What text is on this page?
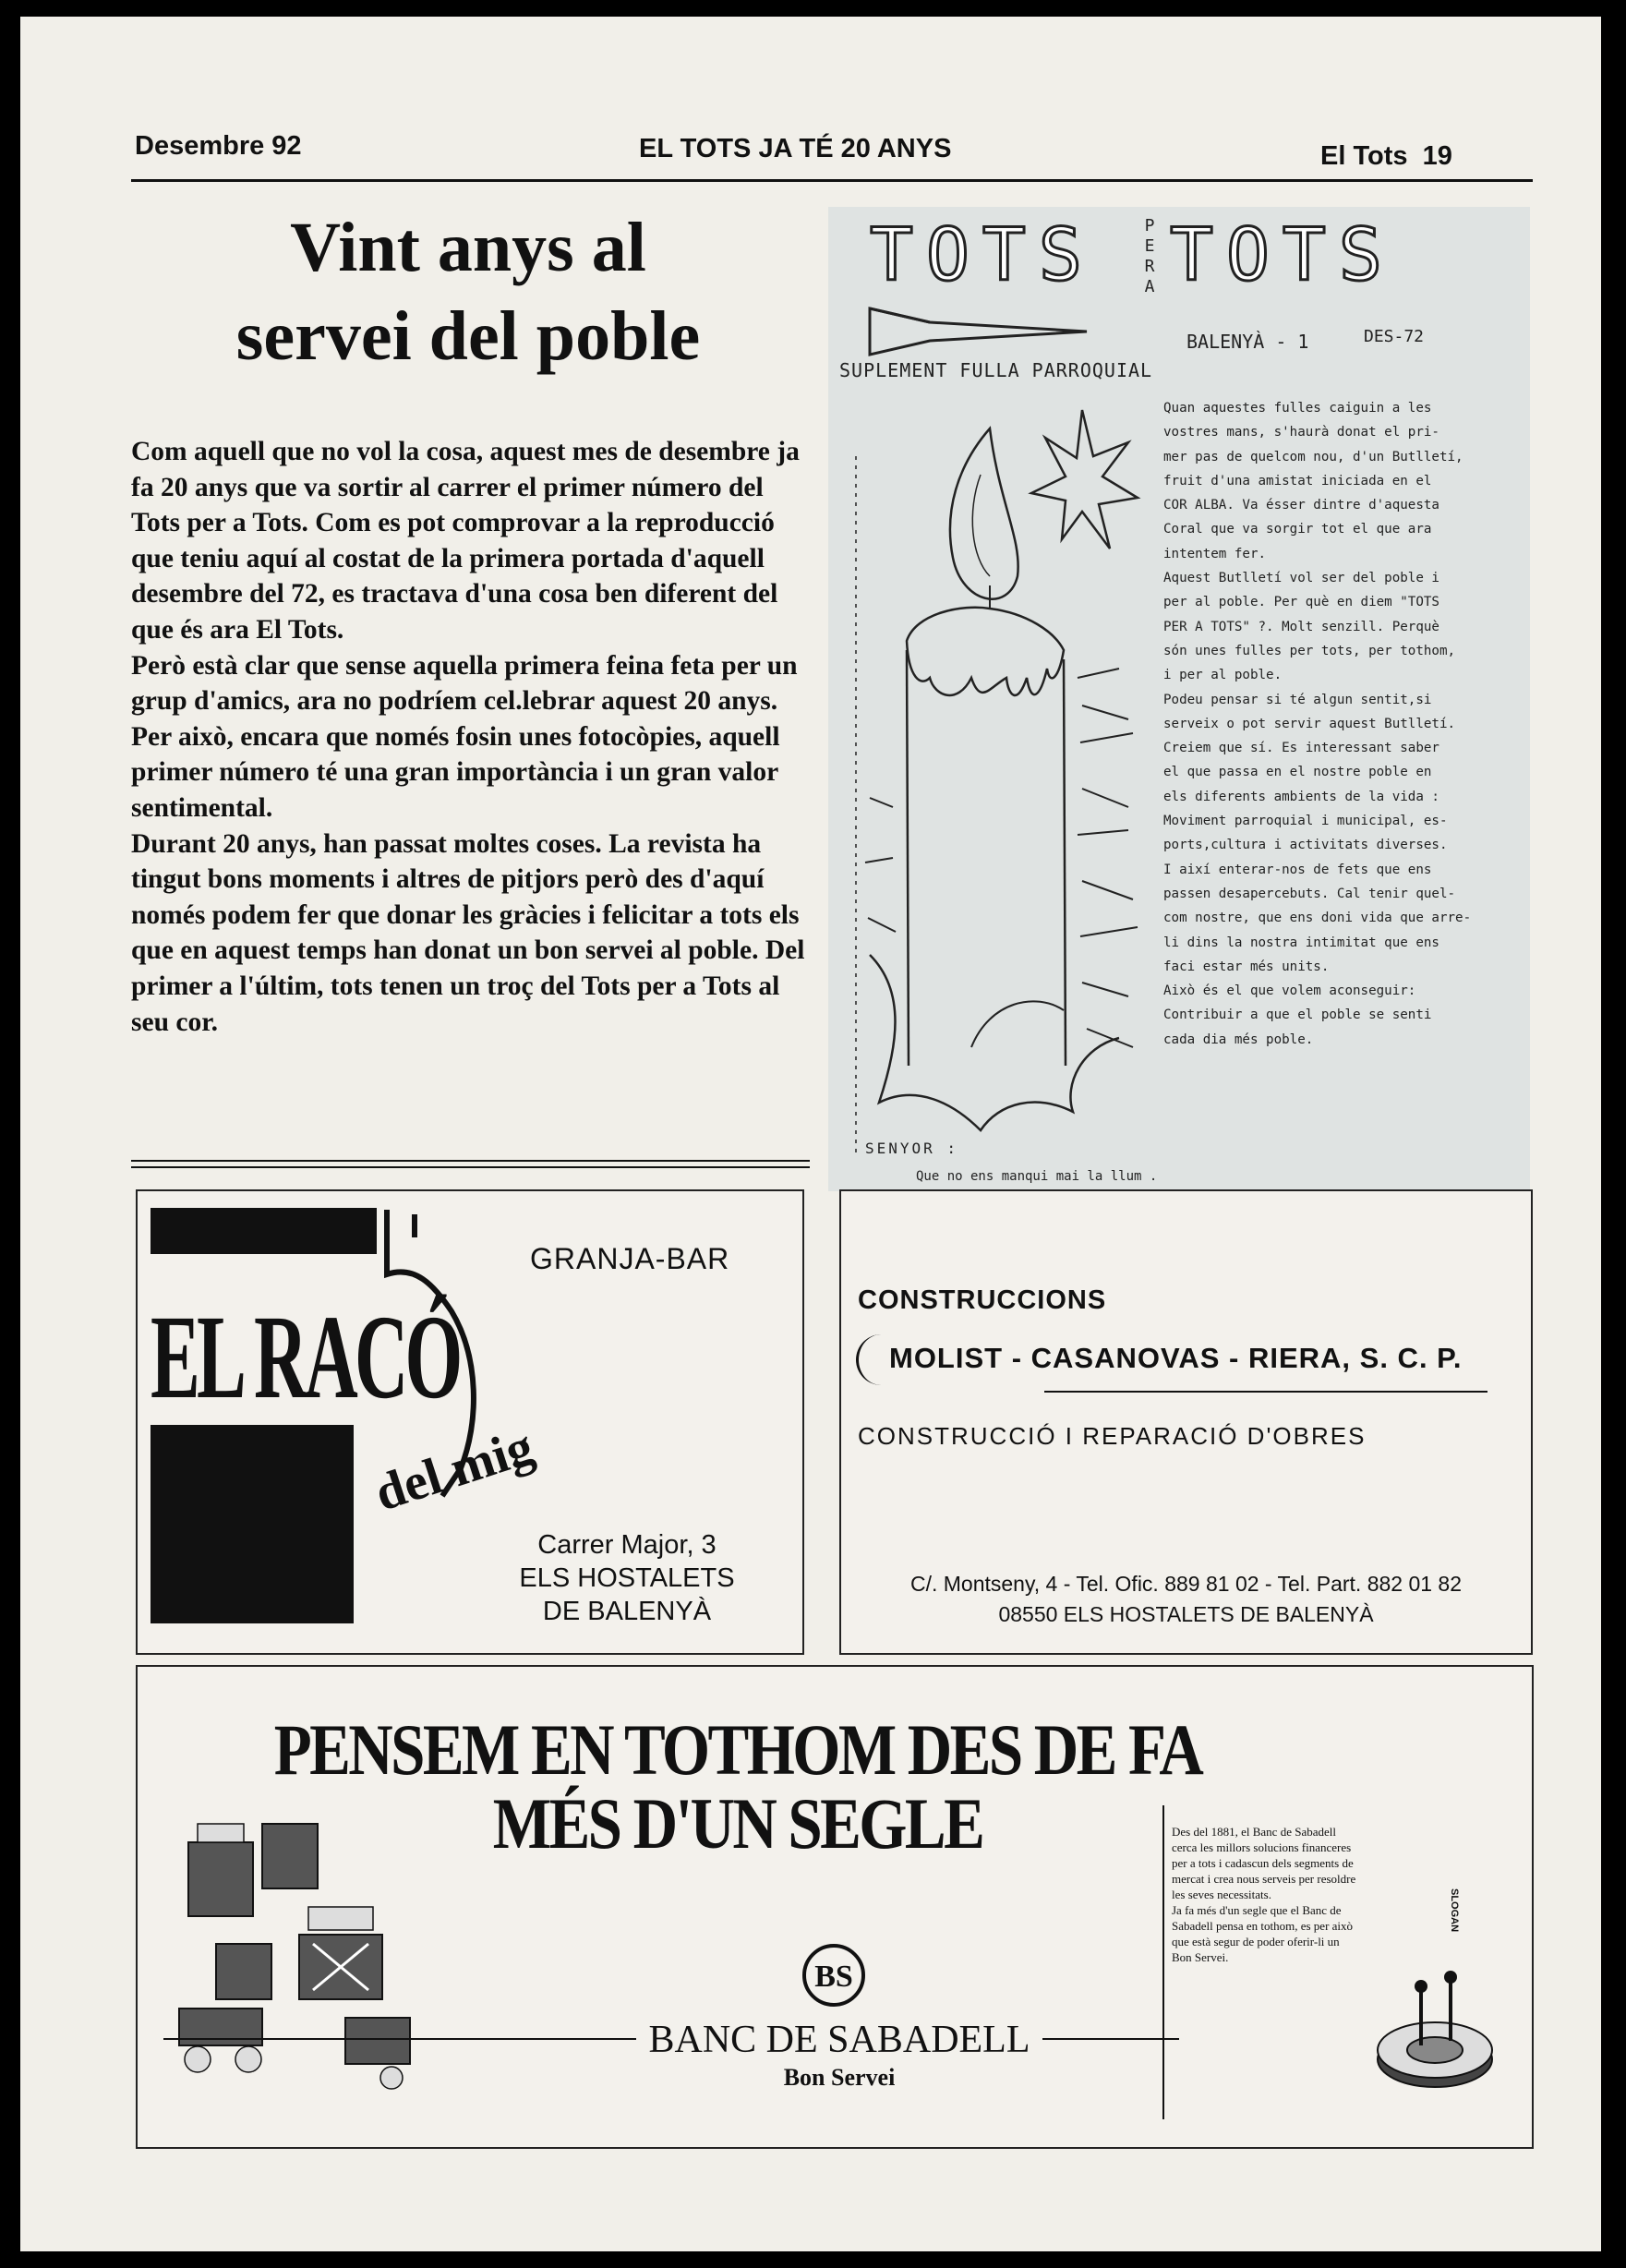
Desembre 92	EL TOTS JA TÉ 20 ANYS	El Tots 19
Vint anys al
servei del poble
Com aquell que no vol la cosa, aquest mes de desembre ja fa 20 anys que va sortir al carrer el primer número del Tots per a Tots. Com es pot comprovar a la reproducció que teniu aquí al costat de la primera portada d'aquell desembre del 72, es tractava d'una cosa ben diferent del que és ara El Tots.
Però està clar que sense aquella primera feina feta per un grup d'amics, ara no podríem cel.lebrar aquest 20 anys. Per això, encara que només fosin unes fotocòpies, aquell primer número té una gran importància i un gran valor sentimental.
Durant 20 anys, han passat moltes coses. La revista ha tingut bons moments i altres de pitjors però des d'aquí només podem fer que donar les gràcies i felicitar a tots els que en aquest temps han donat un bon servei al poble. Del primer a l'últim, tots tenen un troç del Tots per a Tots al seu cor.
TOTS	PER A TOTS
BALENYÀ - 1	DES-72
SUPLEMENT FULLA PARROQUIAL
Quan aquestes fulles caiguin a les
vostres mans, s'haurà donat el pri-
mer pas de quelcom nou, d'un Butlletí,
fruit d'una amistat iniciada en el
COR ALBA. Va ésser dintre d'aquesta
Coral que va sorgir tot el que ara
intentem fer.
Aquest Butlletí vol ser del poble i
per al poble. Per què en diem "TOTS
PER A TOTS" ?. Molt senzill. Perquè
són unes fulles per tots, per tothom,
i per al poble.
Podeu pensar si té algun sentit,si
serveix o pot servir aquest Butlletí.
Creiem que sí. Es interessant saber
el que passa en el nostre poble en
els diferents ambients de la vida :
Moviment parroquial i municipal, es-
ports,cultura i activitats diverses.
I així enterar-nos de fets que ens
passen desapercebuts. Cal tenir quel-
com nostre, que ens doni vida que arre-
li dins la nostra intimitat que ens
faci estar més units.
Això és el que volem aconseguir:
Contribuir a que el poble se senti
cada dia més poble.
SENYOR :
Que no ens manqui mai la llum .
EL RACÓ
del mig
GRANJA-BAR
Carrer Major, 3
ELS HOSTALETS
DE BALENYÀ
CONSTRUCCIONS
MOLIST - CASANOVAS - RIERA, S. C. P.
CONSTRUCCIÓ I REPARACIÓ D'OBRES
C/. Montseny, 4 - Tel. Ofic. 889 81 02 - Tel. Part. 882 01 82
08550 ELS HOSTALETS DE BALENYÀ
PENSEM EN TOTHOM DES DE FA
MÉS D'UN SEGLE
BS
BANC DE SABADELL
Bon Servei
Des del 1881, el Banc de Sabadell cerca les millors solucions financeres per a tots i cadascun dels segments de mercat i crea nous serveis per resoldre les seves necessitats.
Ja fa més d'un segle que el Banc de Sabadell pensa en tothom, es per això que està segur de poder oferir-li un Bon Servei.
SLOGAN
